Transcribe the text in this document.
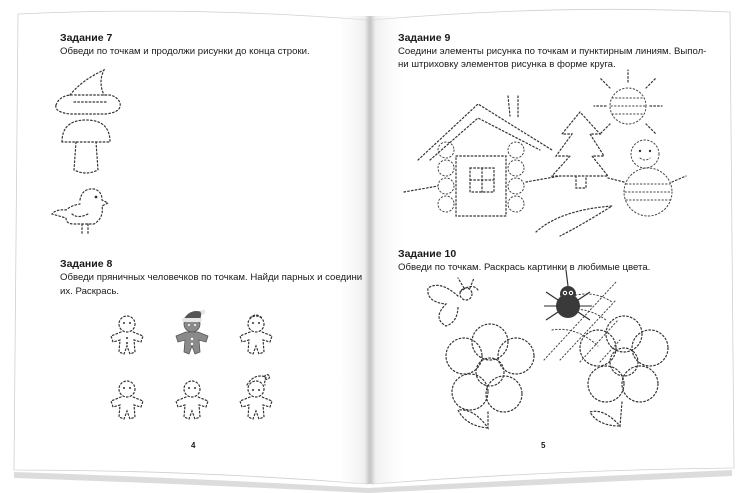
Задание 7
Обведи по точкам и продолжи рисунки до конца строки.
Задание 8
Обведи пряничных человечков по точкам. Найди парных и соедини
их. Раскрась.
4
Задание 9
Соедини элементы рисунка по точкам и пунктирным линиям. Выпол-
ни штриховку элементов рисунка в форме круга.
Задание 10
Обведи по точкам. Раскрась картинки в любимые цвета.
5
